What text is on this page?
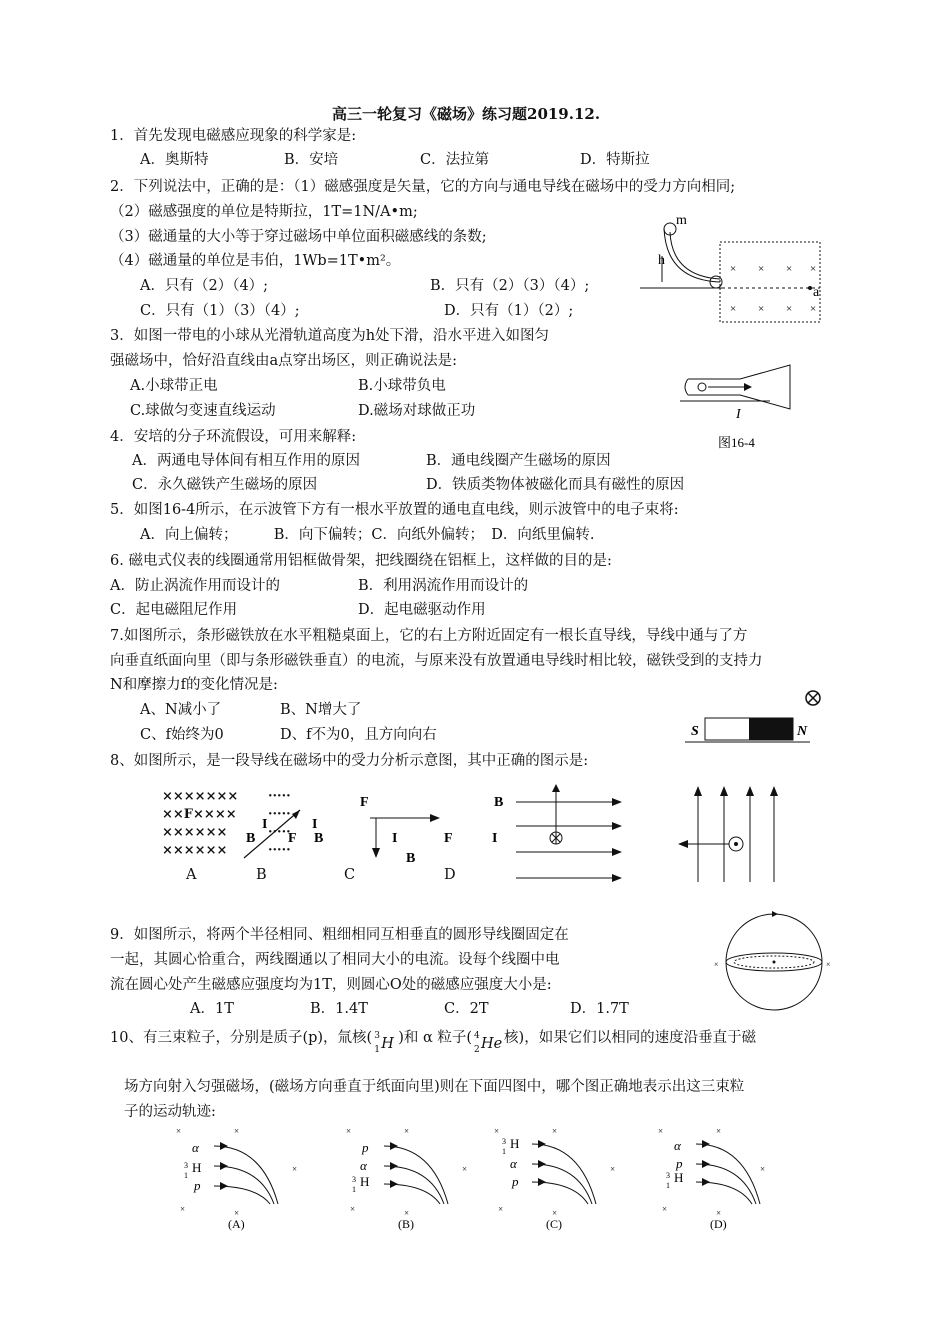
高三一轮复习《磁场》练习题2019.12.
1．首先发现电磁感应现象的科学家是:
A．奥斯特	B．安培	C．法拉第	D．特斯拉
2．下列说法中，正确的是：（1）磁感强度是矢量，它的方向与通电导线在磁场中的受力方向相同;
（2）磁感强度的单位是特斯拉，1T=1N/A•m;
（3）磁通量的大小等于穿过磁场中单位面积磁感线的条数;
（4）磁通量的单位是韦伯，1Wb=1T•m²。
A．只有（2）（4）;	B．只有（2）（3）（4）;
C．只有（1）（3）（4）;	D．只有（1）（2）;
m
h
× × × ×
× × × ×
a
3．如图一带电的小球从光滑轨道高度为h处下滑，沿水平进入如图匀
强磁场中，恰好沿直线由a点穿出场区，则正确说法是:
A.小球带正电	B.小球带负电
C.球做匀变速直线运动	D.磁场对球做正功	I
图16-4
4．安培的分子环流假设，可用来解释:
A．两通电导体间有相互作用的原因	B．通电线圈产生磁场的原因
C．永久磁铁产生磁场的原因	D．铁质类物体被磁化而具有磁性的原因
5．如图16-4所示，在示波管下方有一根水平放置的通电直电线，则示波管中的电子束将:
A．向上偏转；　　　B．向下偏转；C．向纸外偏转；　D．向纸里偏转.
6. 磁电式仪表的线圈通常用铝框做骨架，把线圈绕在铝框上，这样做的目的是:
A．防止涡流作用而设计的	B．利用涡流作用而设计的
C．起电磁阻尼作用	D．起电磁驱动作用
7.如图所示，条形磁铁放在水平粗糙桌面上，它的右上方附近固定有一根长直导线，导线中通与了方
向垂直纸面向里（即与条形磁铁垂直）的电流，与原来没有放置通电导线时相比较，磁铁受到的支持力
N和摩擦力f的变化情况是:
A、N减小了	B、N增大了
C、f始终为0	D、f不为0，且方向向右	S	N
8、如图所示，是一段导线在磁场中的受力分析示意图，其中正确的图示是:
×××××××
××F××××
××××××
××××××
·····
·····
·····
·····
I
B F
I
B
A	B
F
I
B
F
C
B
I
D
9．如图所示，将两个半径相同、粗细相同互相垂直的圆形导线圈固定在
一起，其圆心恰重合，两线圈通以了相同大小的电流。设每个线圈中电
流在圆心处产生磁感应强度均为1T，则圆心O处的磁感应强度大小是:
A．1T	B．1.4T	C．2T	D．1.7T
×	×
10、有三束粒子，分别是质子(p)，氚核( 3
1 H )和 α 粒子( 4
2 He 核)，如果它们以相同的速度沿垂直于磁
场方向射入匀强磁场，(磁场方向垂直于纸面向里)则在下面四图中，哪个图正确地表示出这三束粒
子的运动轨迹:
×	×
×
×	×
α
3
1
H
p
(A)
×	×
×
×	×
p
α
3
1
H
(B)
×	×
×
×	×
3
1
H
α
p
(C)
×	×
×
×	×
α
p
3
1
H
(D)
